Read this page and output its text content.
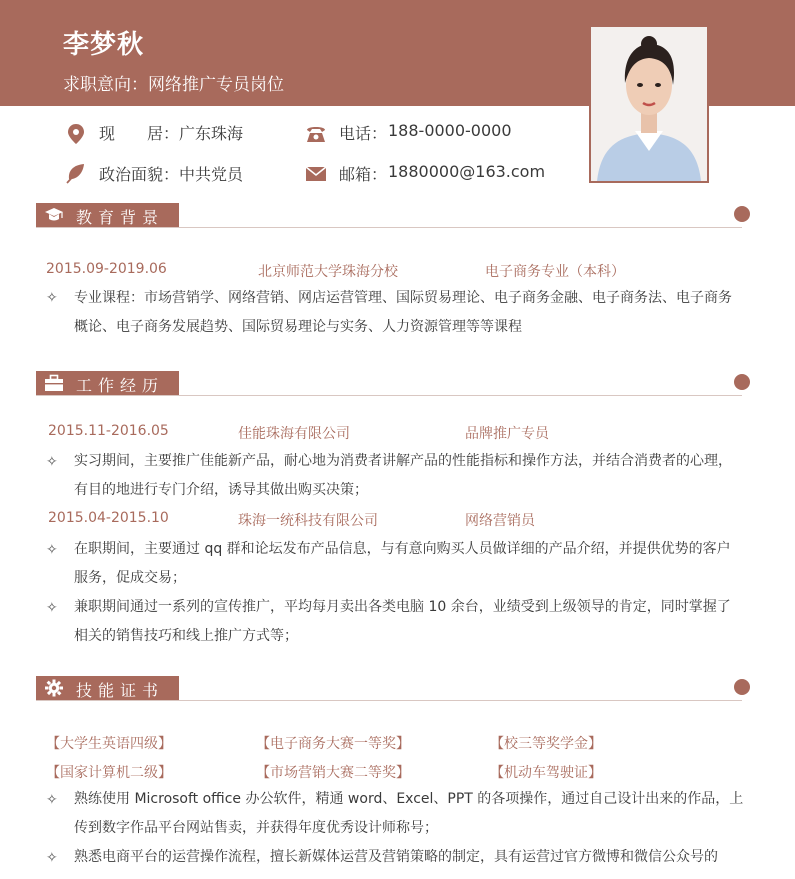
李梦秋
求职意向：网络推广专员岗位
现　　居： 广东珠海	电话： 188-0000-0000
政治面貌： 中共党员	邮箱： 1880000@163.com
教育背景
2015.09-2019.06	北京师范大学珠海分校	电子商务专业（本科）
✧ 专业课程：市场营销学、网络营销、网店运营管理、国际贸易理论、电子商务金融、电子商务法、电子商务概论、电子商务发展趋势、国际贸易理论与实务、人力资源管理等等课程
工作经历
2015.11-2016.05	佳能珠海有限公司	品牌推广专员
✧ 实习期间，主要推广佳能新产品，耐心地为消费者讲解产品的性能指标和操作方法，并结合消费者的心理，有目的地进行专门介绍，诱导其做出购买决策；
2015.04-2015.10	珠海一统科技有限公司	网络营销员
✧ 在职期间，主要通过 qq 群和论坛发布产品信息，与有意向购买人员做详细的产品介绍，并提供优势的客户服务，促成交易；
✧ 兼职期间通过一系列的宣传推广，平均每月卖出各类电脑 10 余台，业绩受到上级领导的肯定，同时掌握了相关的销售技巧和线上推广方式等；
技能证书
【大学生英语四级】	【电子商务大赛一等奖】	【校三等奖学金】
【国家计算机二级】	【市场营销大赛二等奖】	【机动车驾驶证】
✧ 熟练使用 Microsoft office 办公软件，精通 word、Excel、PPT 的各项操作，通过自己设计出来的作品，上传到数字作品平台网站售卖，并获得年度优秀设计师称号；
✧ 熟悉电商平台的运营操作流程，擅长新媒体运营及营销策略的制定，具有运营过官方微博和微信公众号的
